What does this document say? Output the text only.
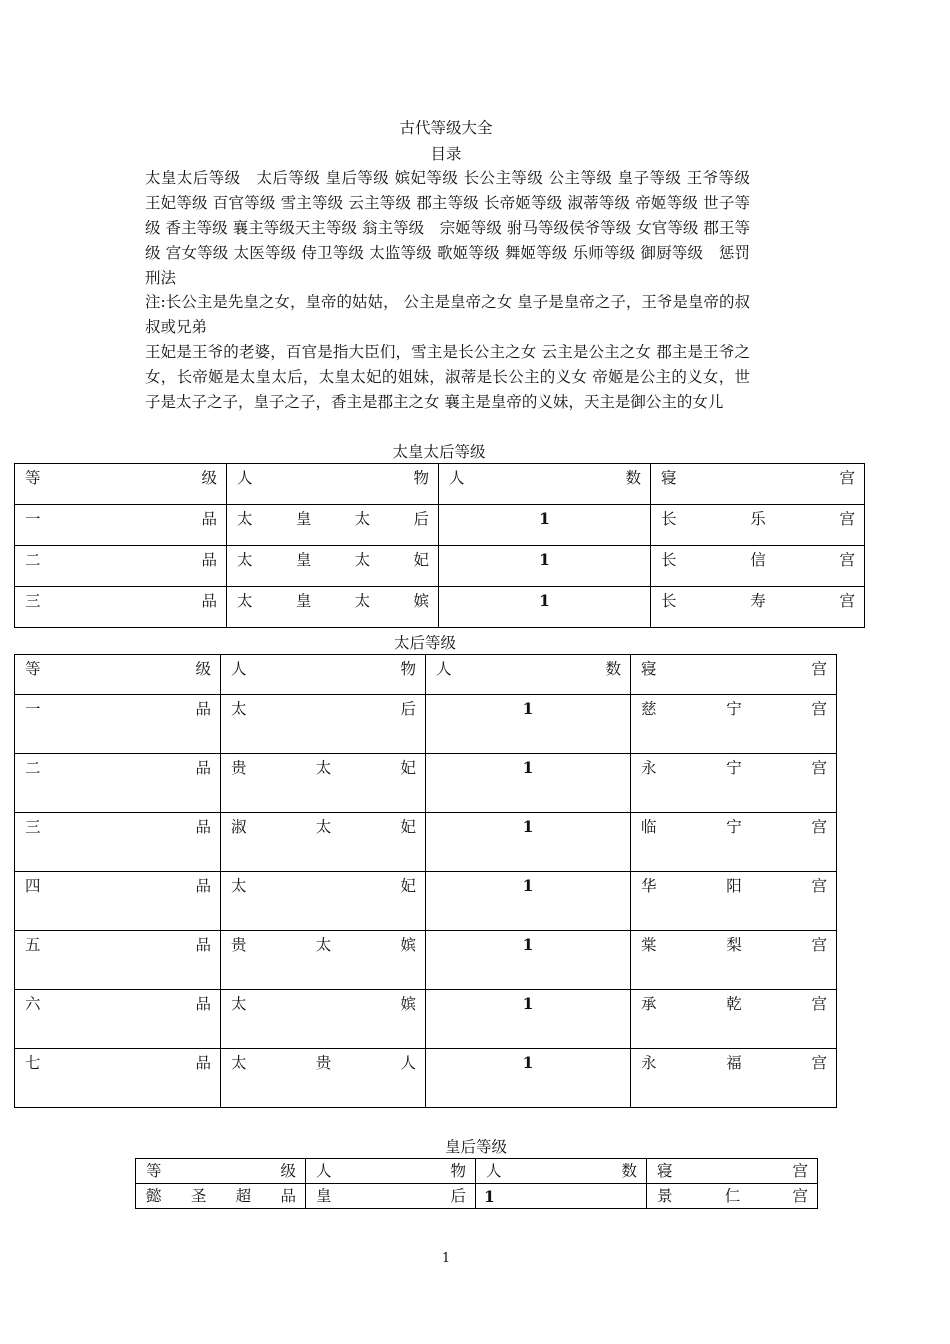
古代等级大全
目录
太皇太后等级　太后等级 皇后等级 嫔妃等级 长公主等级 公主等级 皇子等级 王爷等级 王妃等级 百官等级 雪主等级 云主等级 郡主等级 长帝姬等级 淑蒂等级 帝姬等级 世子等级 香主等级 襄主等级天主等级 翁主等级　宗姬等级 驸马等级侯爷等级 女官等级 郡王等级 宫女等级 太医等级 侍卫等级 太监等级 歌姬等级 舞姬等级 乐师等级 御厨等级　惩罚刑法
注:长公主是先皇之女，皇帝的姑姑， 公主是皇帝之女 皇子是皇帝之子，王爷是皇帝的叔叔或兄弟
王妃是王爷的老婆，百官是指大臣们，雪主是长公主之女 云主是公主之女 郡主是王爷之女，长帝姬是太皇太后，太皇太妃的姐妹，淑蒂是长公主的义女 帝姬是公主的义女，世子是太子之子，皇子之子，香主是郡主之女 襄主是皇帝的义妹，天主是御公主的女儿
太皇太后等级
等 级	人 物	人 数	寝 宫

一 品	太 皇 太 后	1	长 乐 宫

二 品	太 皇 太 妃	1	长 信 宫

三 品	太 皇 太 嫔	1	长 寿 宫
太后等级
等 级	人 物	人 数	寝 宫

一 品	太 后	1	慈 宁 宫

二 品	贵 太 妃	1	永 宁 宫

三 品	淑 太 妃	1	临 宁 宫

四 品	太 妃	1	华 阳 宫

五 品	贵 太 嫔	1	棠 梨 宫

六 品	太 嫔	1	承 乾 宫

七 品	太 贵 人	1	永 福 宫
皇后等级
等 级	人 物	人 数	寝 宫

懿 圣 超 品	皇 后	1	景 仁 宫
1
